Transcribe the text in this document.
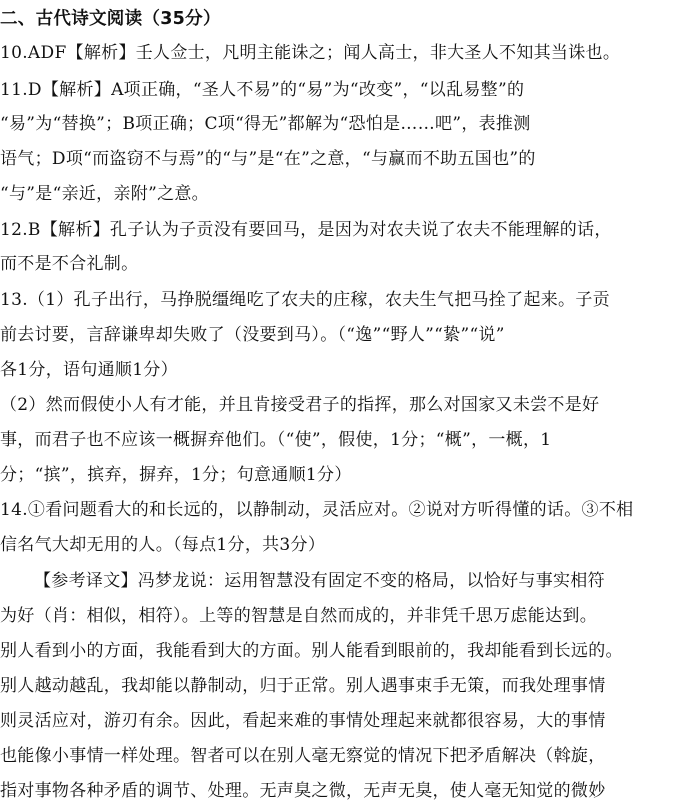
二、古代诗文阅读（35分）
10.ADF【解析】壬人佥士，凡明主能诛之；闻人高士，非大圣人不知其当诛也。
11.D【解析】A项正确，“圣人不易”的“易”为“改变”，“以乱易整”的
“易”为“替换”；B项正确；C项“得无”都解为“恐怕是……吧”，表推测
语气；D项“而盗窃不与焉”的“与”是“在”之意，“与赢而不助五国也”的
“与”是“亲近，亲附”之意。
12.B【解析】孔子认为子贡没有要回马，是因为对农夫说了农夫不能理解的话，
而不是不合礼制。
13.（1）孔子出行，马挣脱缰绳吃了农夫的庄稼，农夫生气把马拴了起来。子贡
前去讨要，言辞谦卑却失败了（没要到马）。（“逸”“野人”“絷”“说”
各1分，语句通顺1分）
（2）然而假使小人有才能，并且肯接受君子的指挥，那么对国家又未尝不是好
事，而君子也不应该一概摒弃他们。（“使”，假使，1分；“概”，一概，1
分；“摈”，摈弃，摒弃，1分；句意通顺1分）
14.①看问题看大的和长远的，以静制动，灵活应对。②说对方听得懂的话。③不相
信名气大却无用的人。（每点1分，共3分）
【参考译文】冯梦龙说：运用智慧没有固定不变的格局，以恰好与事实相符
为好（肖：相似，相符）。上等的智慧是自然而成的，并非凭千思万虑能达到。
别人看到小的方面，我能看到大的方面。别人能看到眼前的，我却能看到长远的。
别人越动越乱，我却能以静制动，归于正常。别人遇事束手无策，而我处理事情
则灵活应对，游刃有余。因此，看起来难的事情处理起来就都很容易，大的事情
也能像小事情一样处理。智者可以在别人毫无察觉的情况下把矛盾解决（斡旋，
指对事物各种矛盾的调节、处理。无声臭之微，无声无臭，使人毫无知觉的微妙
